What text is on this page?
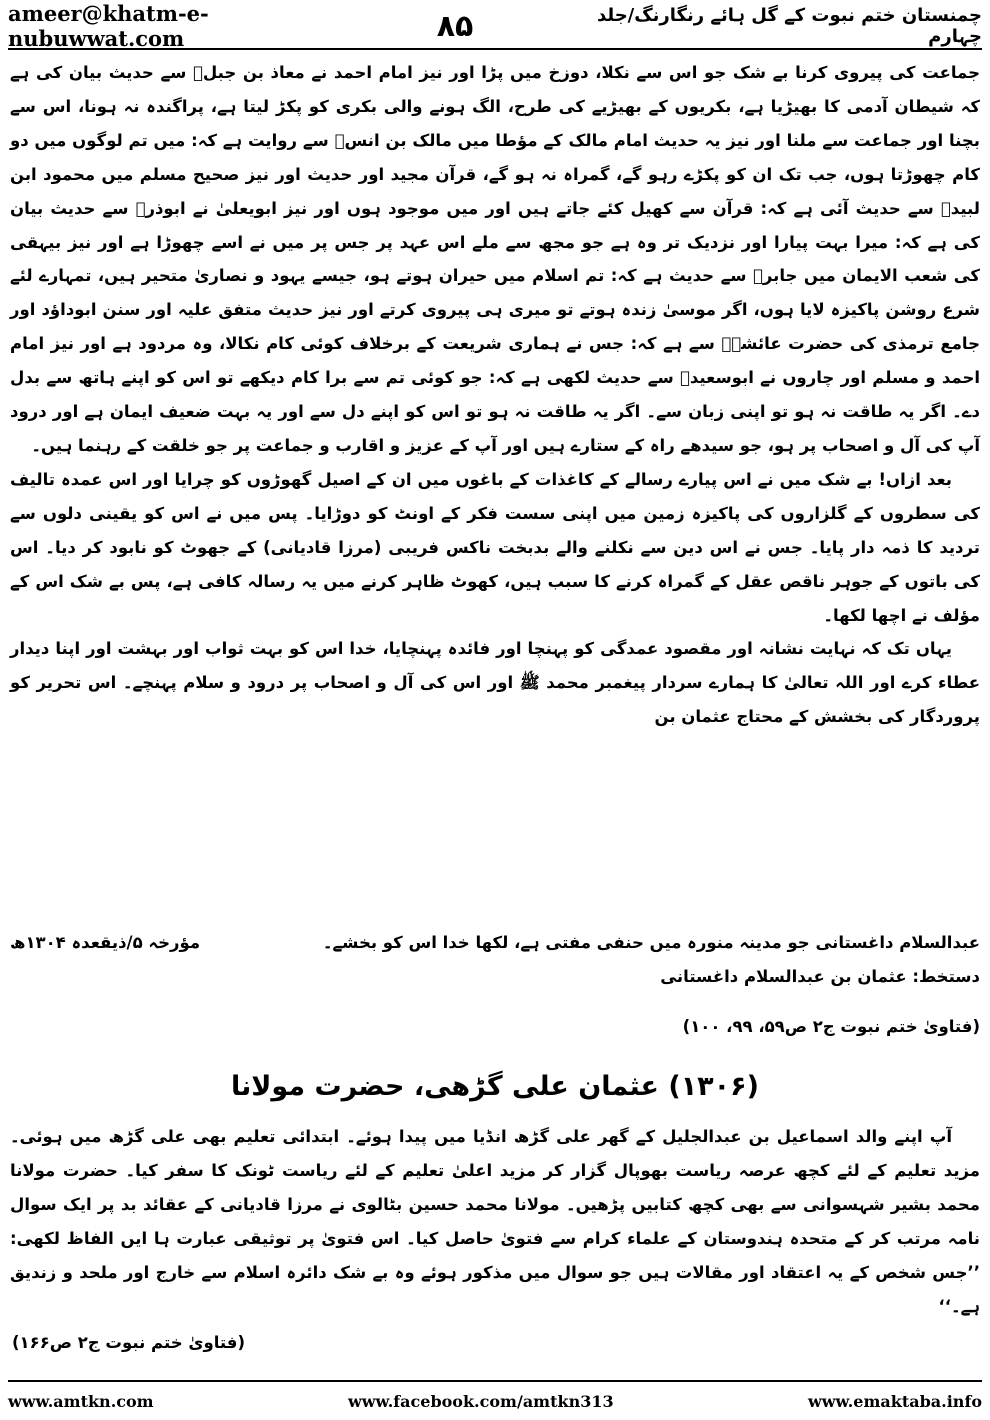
ameer@khatm-e-nubuwwat.com	۸۵	چمنستان ختم نبوت کے گل ہائے رنگارنگ/جلد چہارم

جماعت کی پیروی کرنا بے شک جو اس سے نکلا، دوزخ میں پڑا اور نیز امام احمد نے معاذ بن جبلؓ سے حدیث بیان کی ہے کہ شیطان آدمی کا بھیڑیا ہے، بکریوں کے بھیڑیے کی طرح، الگ ہونے والی بکری کو پکڑ لیتا ہے، پراگندہ نہ ہونا، اس سے بچنا اور جماعت سے ملنا اور نیز یہ حدیث امام مالک کے مؤطا میں مالک بن انسؓ سے روایت ہے کہ: میں تم لوگوں میں دو کام چھوڑتا ہوں، جب تک ان کو پکڑے رہو گے، گمراہ نہ ہو گے، قرآن مجید اور حدیث اور نیز صحیح مسلم میں محمود ابن لبیدؓ سے حدیث آئی ہے کہ: قرآن سے کھیل کئے جاتے ہیں اور میں موجود ہوں اور نیز ابویعلیٰ نے ابوذرؓ سے حدیث بیان کی ہے کہ: میرا بہت پیارا اور نزدیک تر وہ ہے جو مجھ سے ملے اس عہد پر جس پر میں نے اسے چھوڑا ہے اور نیز بیہقی کی شعب الایمان میں جابرؓ سے حدیث ہے کہ: تم اسلام میں حیران ہوتے ہو، جیسے یہود و نصاریٰ متحیر ہیں، تمہارے لئے شرع روشن پاکیزہ لایا ہوں، اگر موسیٰ زندہ ہوتے تو میری ہی پیروی کرتے اور نیز حدیث متفق علیہ اور سنن ابوداؤد اور جامع ترمذی کی حضرت عائشہؓ سے ہے کہ: جس نے ہماری شریعت کے برخلاف کوئی کام نکالا، وہ مردود ہے اور نیز امام احمد و مسلم اور چاروں نے ابوسعیدؓ سے حدیث لکھی ہے کہ: جو کوئی تم سے برا کام دیکھے تو اس کو اپنے ہاتھ سے بدل دے۔ اگر یہ طاقت نہ ہو تو اپنی زبان سے۔ اگر یہ طاقت نہ ہو تو اس کو اپنے دل سے اور یہ بہت ضعیف ایمان ہے اور درود آپ کی آل و اصحاب پر ہو، جو سیدھے راہ کے ستارے ہیں اور آپ کے عزیز و اقارب و جماعت پر جو خلقت کے رہنما ہیں۔

بعد ازاں! بے شک میں نے اس پیارے رسالے کے کاغذات کے باغوں میں ان کے اصیل گھوڑوں کو چرایا اور اس عمدہ تالیف کی سطروں کے گلزاروں کی پاکیزہ زمین میں اپنی سست فکر کے اونٹ کو دوڑایا۔ پس میں نے اس کو یقینی دلوں سے تردید کا ذمہ دار پایا۔ جس نے اس دین سے نکلنے والے بدبخت ناکس فریبی (مرزا قادیانی) کے جھوٹ کو نابود کر دیا۔ اس کی باتوں کے جوہر ناقص عقل کے گمراہ کرنے کا سبب ہیں، کھوٹ ظاہر کرنے میں یہ رسالہ کافی ہے، پس بے شک اس کے مؤلف نے اچھا لکھا۔

یہاں تک کہ نہایت نشانہ اور مقصود عمدگی کو پہنچا اور فائدہ پہنچایا، خدا اس کو بہت ثواب اور بہشت اور اپنا دیدار عطاء کرے اور اللہ تعالیٰ کا ہمارے سردار پیغمبر محمد ﷺ اور اس کی آل و اصحاب پر درود و سلام پہنچے۔ اس تحریر کو پروردگار کی بخشش کے محتاج عثمان بن

عبدالسلام داغستانی جو مدینہ منورہ میں حنفی مفتی ہے، لکھا خدا اس کو بخشے۔
مؤرخہ ۵/ذیقعدہ ۱۳۰۴ھ
دستخط: عثمان بن عبدالسلام داغستانی
(فتاویٰ ختم نبوت ج۲ ص۵۹، ۹۹، ۱۰۰)
(۱۳۰۶) عثمان علی گڑھی، حضرت مولانا

آپ اپنے والد اسماعیل بن عبدالجلیل کے گھر علی گڑھ انڈیا میں پیدا ہوئے۔ ابتدائی تعلیم بھی علی گڑھ میں ہوئی۔ مزید تعلیم کے لئے کچھ عرصہ ریاست بھوپال گزار کر مزید اعلیٰ تعلیم کے لئے ریاست ٹونک کا سفر کیا۔ حضرت مولانا محمد بشیر شہسوانی سے بھی کچھ کتابیں پڑھیں۔ مولانا محمد حسین بٹالوی نے مرزا قادیانی کے عقائد بد پر ایک سوال نامہ مرتب کر کے متحدہ ہندوستان کے علماء کرام سے فتویٰ حاصل کیا۔ اس فتویٰ پر توثیقی عبارت ہا ایں الفاظ لکھی: ’’جس شخص کے یہ اعتقاد اور مقالات ہیں جو سوال میں مذکور ہوئے وہ بے شک دائرہ اسلام سے خارج اور ملحد و زندیق ہے۔‘‘

(فتاویٰ ختم نبوت ج۲ ص۱۶۶)
www.amtkn.com	www.facebook.com/amtkn313	www.emaktaba.info
